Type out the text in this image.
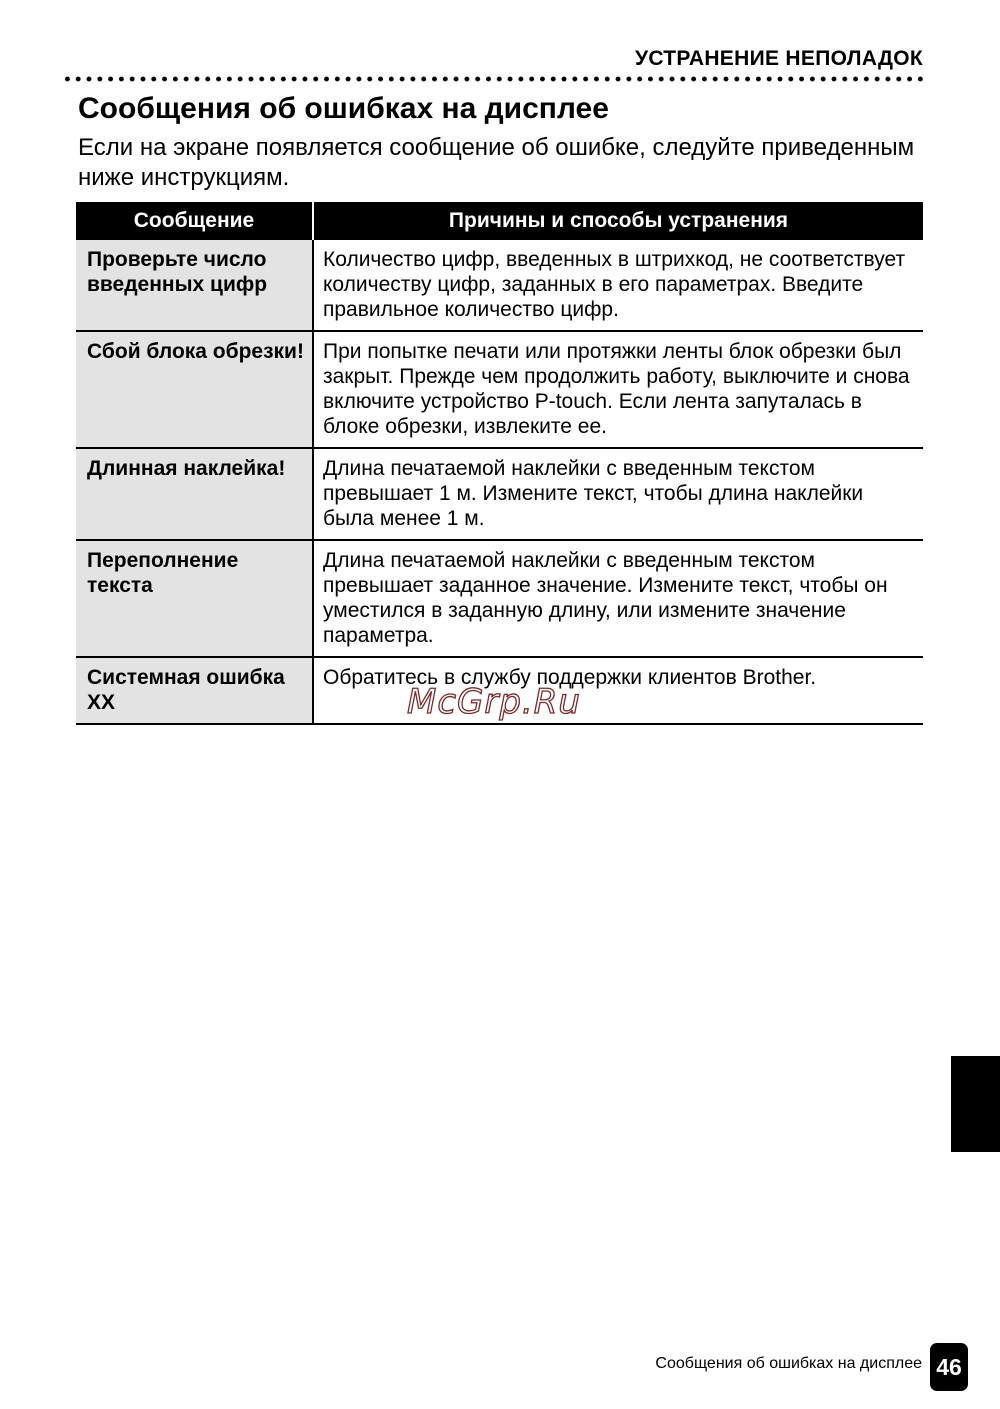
УСТРАНЕНИЕ НЕПОЛАДОК
Сообщения об ошибках на дисплее

Если на экране появляется сообщение об ошибке, следуйте приведенным ниже инструкциям.

Сообщение	Причины и способы устранения
Проверьте число введенных цифр	Количество цифр, введенных в штрихкод, не соответствует количеству цифр, заданных в его параметрах. Введите правильное количество цифр.
Сбой блока обрезки!	При попытке печати или протяжки ленты блок обрезки был закрыт. Прежде чем продолжить работу, выключите и снова включите устройство P-touch. Если лента запуталась в блоке обрезки, извлеките ее.
Длинная наклейка!	Длина печатаемой наклейки с введенным текстом превышает 1 м. Измените текст, чтобы длина наклейки была менее 1 м.
Переполнение текста	Длина печатаемой наклейки с введенным текстом превышает заданное значение. Измените текст, чтобы он уместился в заданную длину, или измените значение параметра.
Системная ошибка XX	Обратитесь в службу поддержки клиентов Brother.
McGrp.Ru
Сообщения об ошибках на дисплее 46
